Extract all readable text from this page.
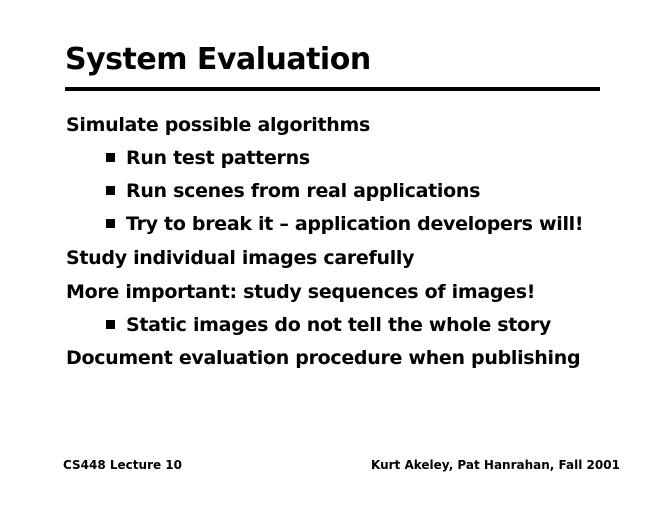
System Evaluation
Simulate possible algorithms
Run test patterns
Run scenes from real applications
Try to break it – application developers will!
Study individual images carefully
More important: study sequences of images!
Static images do not tell the whole story
Document evaluation procedure when publishing
CS448 Lecture 10	Kurt Akeley, Pat Hanrahan, Fall 2001
